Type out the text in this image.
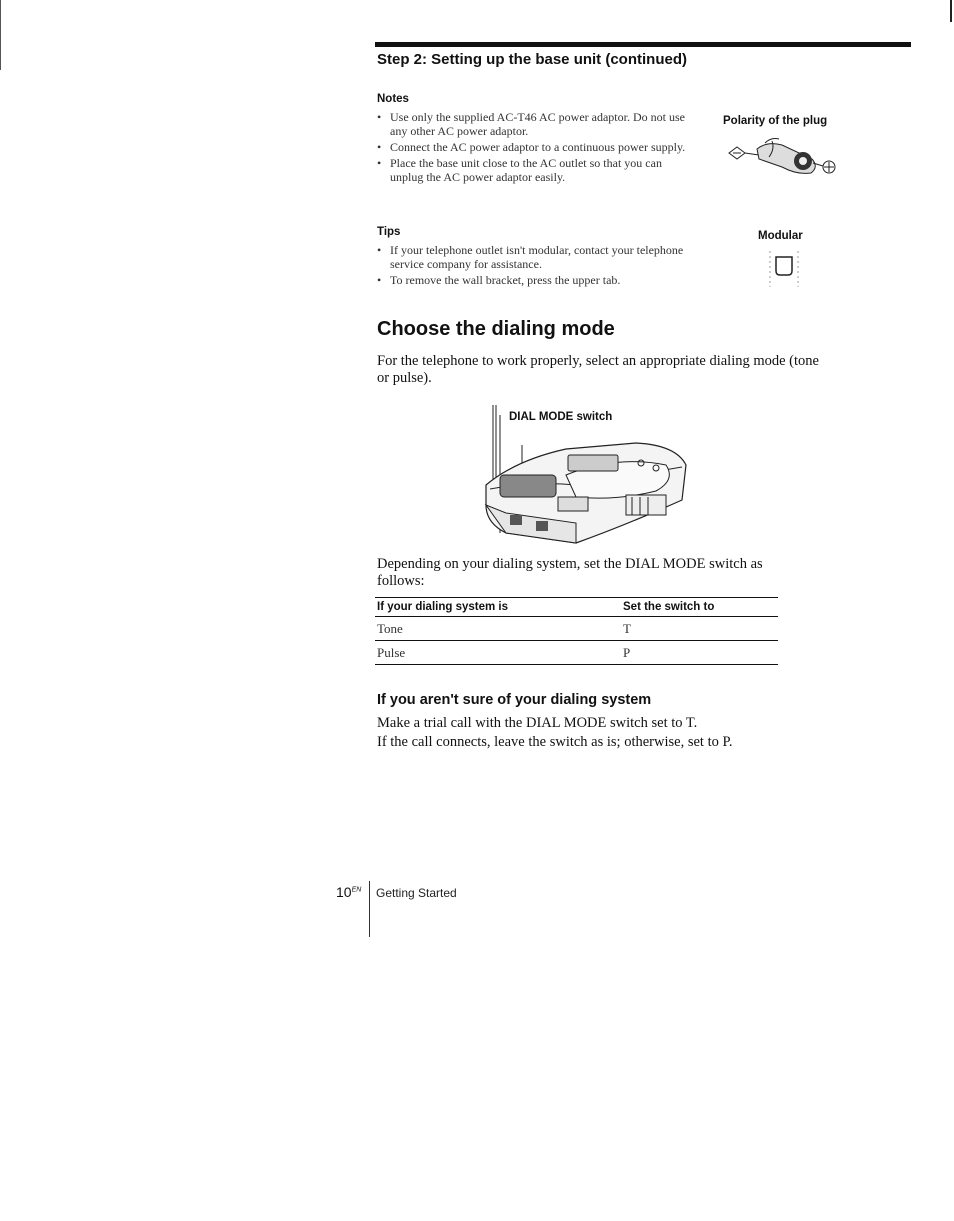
Step 2: Setting up the base unit (continued)
Notes
• Use only the supplied AC-T46 AC power adaptor. Do not use any other AC power adaptor.
• Connect the AC power adaptor to a continuous power supply.
• Place the base unit close to the AC outlet so that you can unplug the AC power adaptor easily.
Polarity of the plug
Tips
• If your telephone outlet isn't modular, contact your telephone service company for assistance.
• To remove the wall bracket, press the upper tab.
Modular
Choose the dialing mode
For the telephone to work properly, select an appropriate dialing mode (tone or pulse).
DIAL MODE switch
Depending on your dialing system, set the DIAL MODE switch as follows:
If your dialing system is	Set the switch to
Tone	T
Pulse	P
If you aren't sure of your dialing system
Make a trial call with the DIAL MODE switch set to T.
If the call connects, leave the switch as is; otherwise, set to P.
$10^{EN}$ Getting Started
